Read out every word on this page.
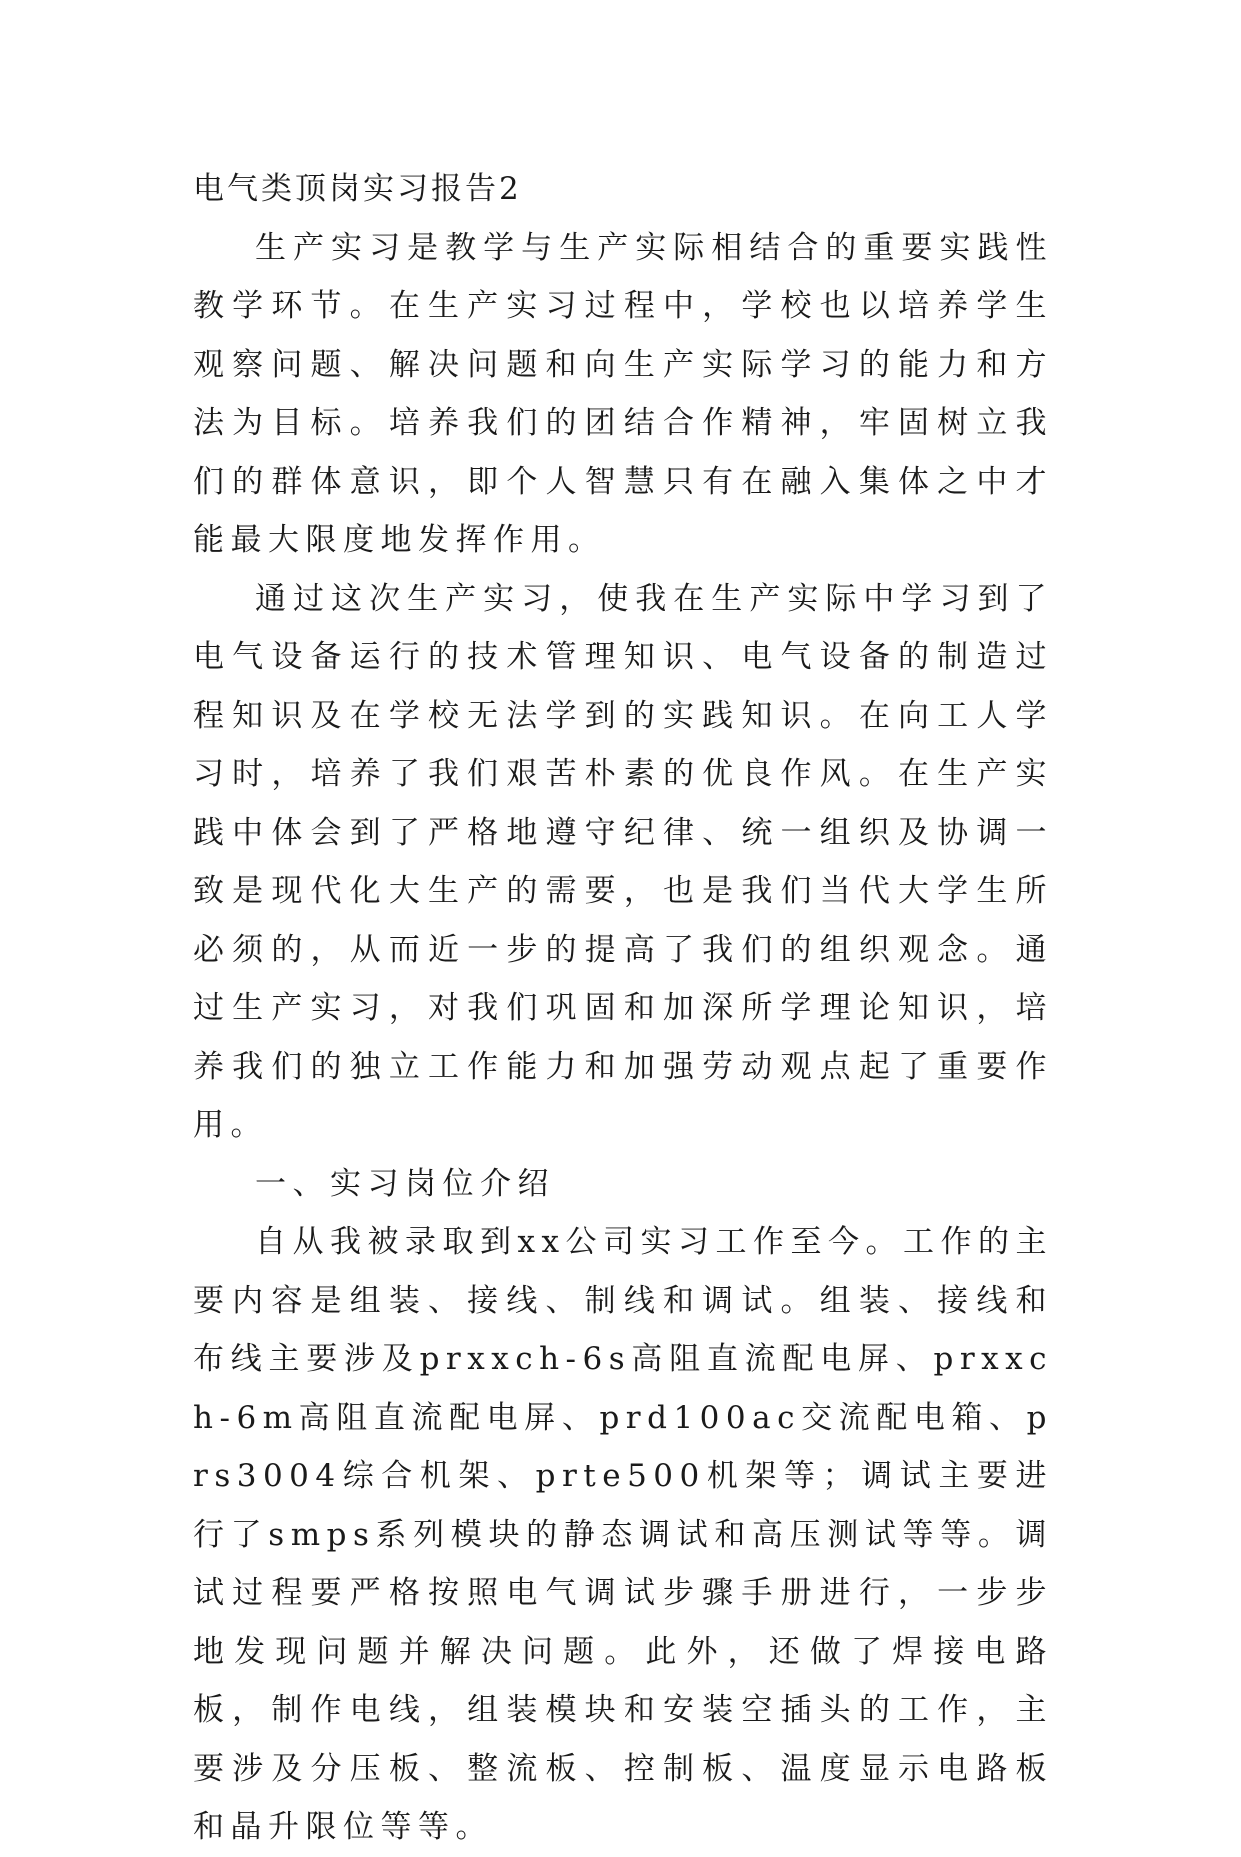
电气类顶岗实习报告2

生产实习是教学与生产实际相结合的重要实践性教学环节。在生产实习过程中，学校也以培养学生观察问题、解决问题和向生产实际学习的能力和方法为目标。培养我们的团结合作精神，牢固树立我们的群体意识，即个人智慧只有在融入集体之中才能最大限度地发挥作用。

通过这次生产实习，使我在生产实际中学习到了电气设备运行的技术管理知识、电气设备的制造过程知识及在学校无法学到的实践知识。在向工人学习时，培养了我们艰苦朴素的优良作风。在生产实践中体会到了严格地遵守纪律、统一组织及协调一致是现代化大生产的需要，也是我们当代大学生所必须的，从而近一步的提高了我们的组织观念。通过生产实习，对我们巩固和加深所学理论知识，培养我们的独立工作能力和加强劳动观点起了重要作用。

一、实习岗位介绍

自从我被录取到xx公司实习工作至今。工作的主要内容是组装、接线、制线和调试。组装、接线和布线主要涉及prxxch-6s高阻直流配电屏、prxxch-6m高阻直流配电屏、prd100ac交流配电箱、prs3004综合机架、prte500机架等；调试主要进行了smps系列模块的静态调试和高压测试等等。调试过程要严格按照电气调试步骤手册进行，一步步地发现问题并解决问题。此外，还做了焊接电路板，制作电线，组装模块和安装空插头的工作，主要涉及分压板、整流板、控制板、温度显示电路板和晶升限位等等。
